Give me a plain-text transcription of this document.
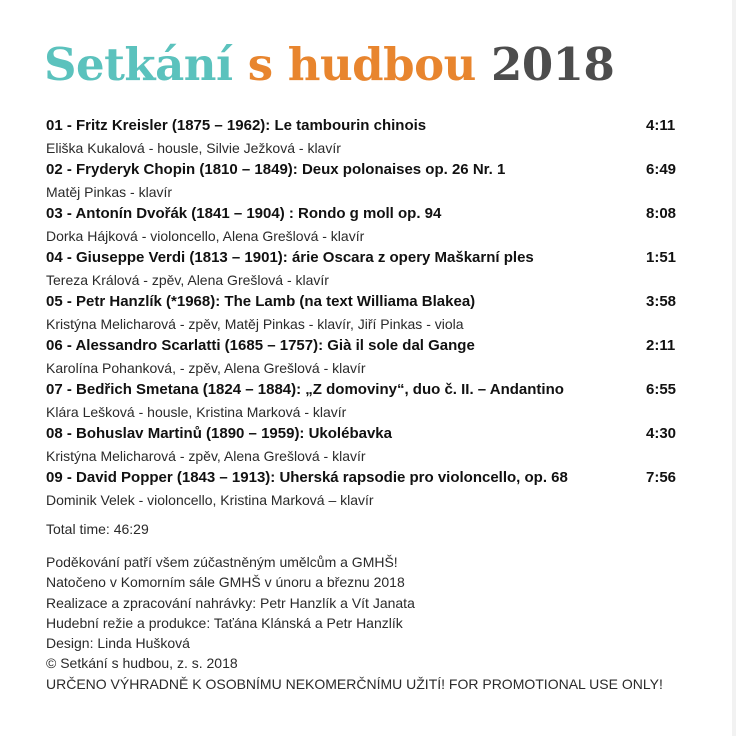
Setkání s hudbou 2018
01 - Fritz Kreisler (1875 – 1962): Le tambourin chinois	4:11
Eliška Kukalová - housle, Silvie Ježková - klavír
02 - Fryderyk Chopin (1810 – 1849): Deux polonaises op. 26 Nr. 1	6:49
Matěj Pinkas - klavír
03 - Antonín Dvořák (1841 – 1904) : Rondo g moll op. 94	8:08
Dorka Hájková - violoncello, Alena Grešlová - klavír
04 - Giuseppe Verdi (1813 – 1901): árie Oscara z opery Maškarní ples	1:51
Tereza Králová - zpěv, Alena Grešlová - klavír
05 - Petr Hanzlík (*1968): The Lamb (na text Williama Blakea)	3:58
Kristýna Melicharová - zpěv, Matěj Pinkas - klavír, Jiří Pinkas - viola
06 - Alessandro Scarlatti (1685 – 1757): Già il sole dal Gange	2:11
Karolína Pohanková, - zpěv, Alena Grešlová - klavír
07 - Bedřich Smetana (1824 – 1884): „Z domoviny“, duo č. II. – Andantino	6:55
Klára Lešková - housle, Kristina Marková - klavír
08 - Bohuslav Martinů (1890 – 1959): Ukolébavka	4:30
Kristýna Melicharová - zpěv, Alena Grešlová - klavír
09 - David Popper (1843 – 1913): Uherská rapsodie pro violoncello, op. 68	7:56
Dominik Velek - violoncello, Kristina Marková – klavír
Total time: 46:29
Poděkování patří všem zúčastněným umělcům a GMHŠ!
Natočeno v Komorním sále GMHŠ v únoru a březnu 2018
Realizace a zpracování nahrávky: Petr Hanzlík a Vít Janata
Hudební režie a produkce: Taťána Klánská a Petr Hanzlík
Design: Linda Hušková
© Setkání s hudbou, z. s. 2018
URČENO VÝHRADNĚ K OSOBNÍMU NEKOMERČNÍMU UŽITÍ! FOR PROMOTIONAL USE ONLY!
